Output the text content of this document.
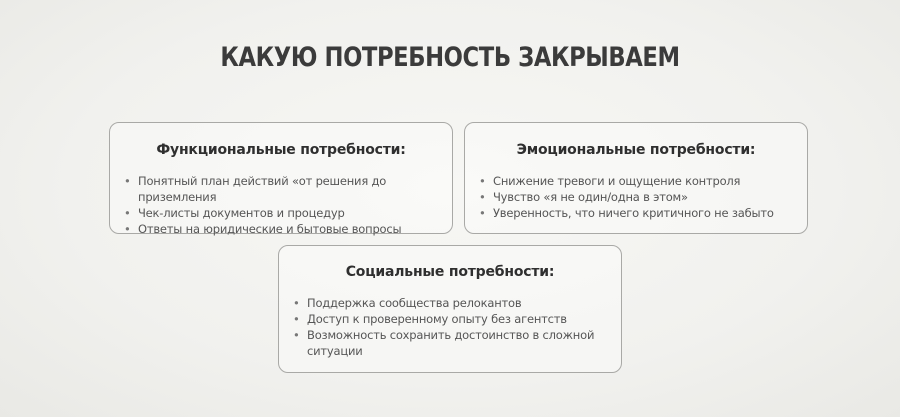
КАКУЮ ПОТРЕБНОСТЬ ЗАКРЫВАЕМ
Функциональные потребности:
• Понятный план действий «от решения до приземления
• Чек-листы документов и процедур
• Ответы на юридические и бытовые вопросы
Эмоциональные потребности:
• Снижение тревоги и ощущение контроля
• Чувство «я не один/одна в этом»
• Уверенность, что ничего критичного не забыто
Социальные потребности:
• Поддержка сообщества релокантов
• Доступ к проверенному опыту без агентств
• Возможность сохранить достоинство в сложной ситуации
